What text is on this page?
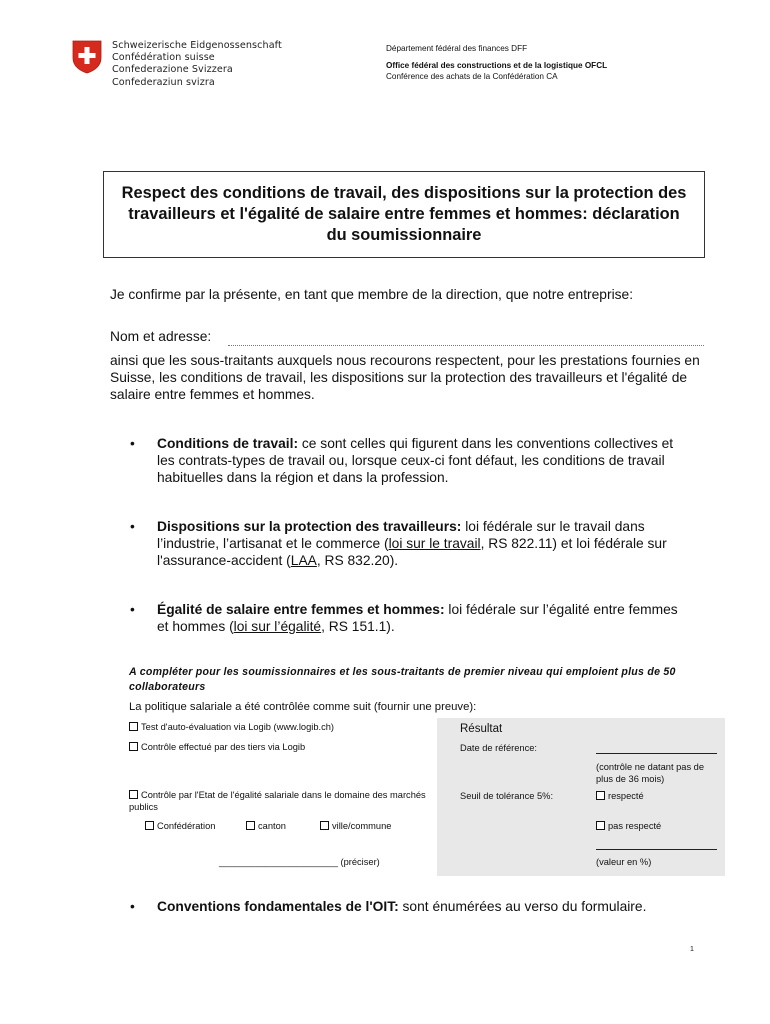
Schweizerische Eidgenossenschaft
Confédération suisse
Confederazione Svizzera
Confederaziun svizra
Département fédéral des finances DFF
Office fédéral des constructions et de la logistique OFCL
Conférence des achats de la Confédération CA
Respect des conditions de travail, des dispositions sur la protection des travailleurs et l'égalité de salaire entre femmes et hommes: déclaration du soumissionnaire
Je confirme par la présente, en tant que membre de la direction, que notre entreprise:
Nom et adresse:
ainsi que les sous-traitants auxquels nous recourons respectent, pour les prestations fournies en Suisse, les conditions de travail, les dispositions sur la protection des travailleurs et l'égalité de salaire entre femmes et hommes.
• Conditions de travail: ce sont celles qui figurent dans les conventions collectives et les contrats-types de travail ou, lorsque ceux-ci font défaut, les conditions de travail habituelles dans la région et dans la profession.
• Dispositions sur la protection des travailleurs: loi fédérale sur le travail dans l’industrie, l’artisanat et le commerce (loi sur le travail, RS 822.11) et loi fédérale sur l'assurance-accident (LAA, RS 832.20).
• Égalité de salaire entre femmes et hommes: loi fédérale sur l’égalité entre femmes et hommes (loi sur l’égalité, RS 151.1).
A compléter pour les soumissionnaires et les sous-traitants de premier niveau qui emploient plus de 50 collaborateurs
La politique salariale a été contrôlée comme suit (fournir une preuve):
Test d'auto-évaluation via Logib (www.logib.ch)
Contrôle effectué par des tiers via Logib
Contrôle par l'Etat de l'égalité salariale dans le domaine des marchés publics
Confédération	canton	ville/commune
_______________________ (préciser)
Résultat
Date de référence:
(contrôle ne datant pas de plus de 36 mois)
Seuil de tolérance 5%:	respecté
pas respecté
(valeur en %)
• Conventions fondamentales de l'OIT: sont énumérées au verso du formulaire.
1
